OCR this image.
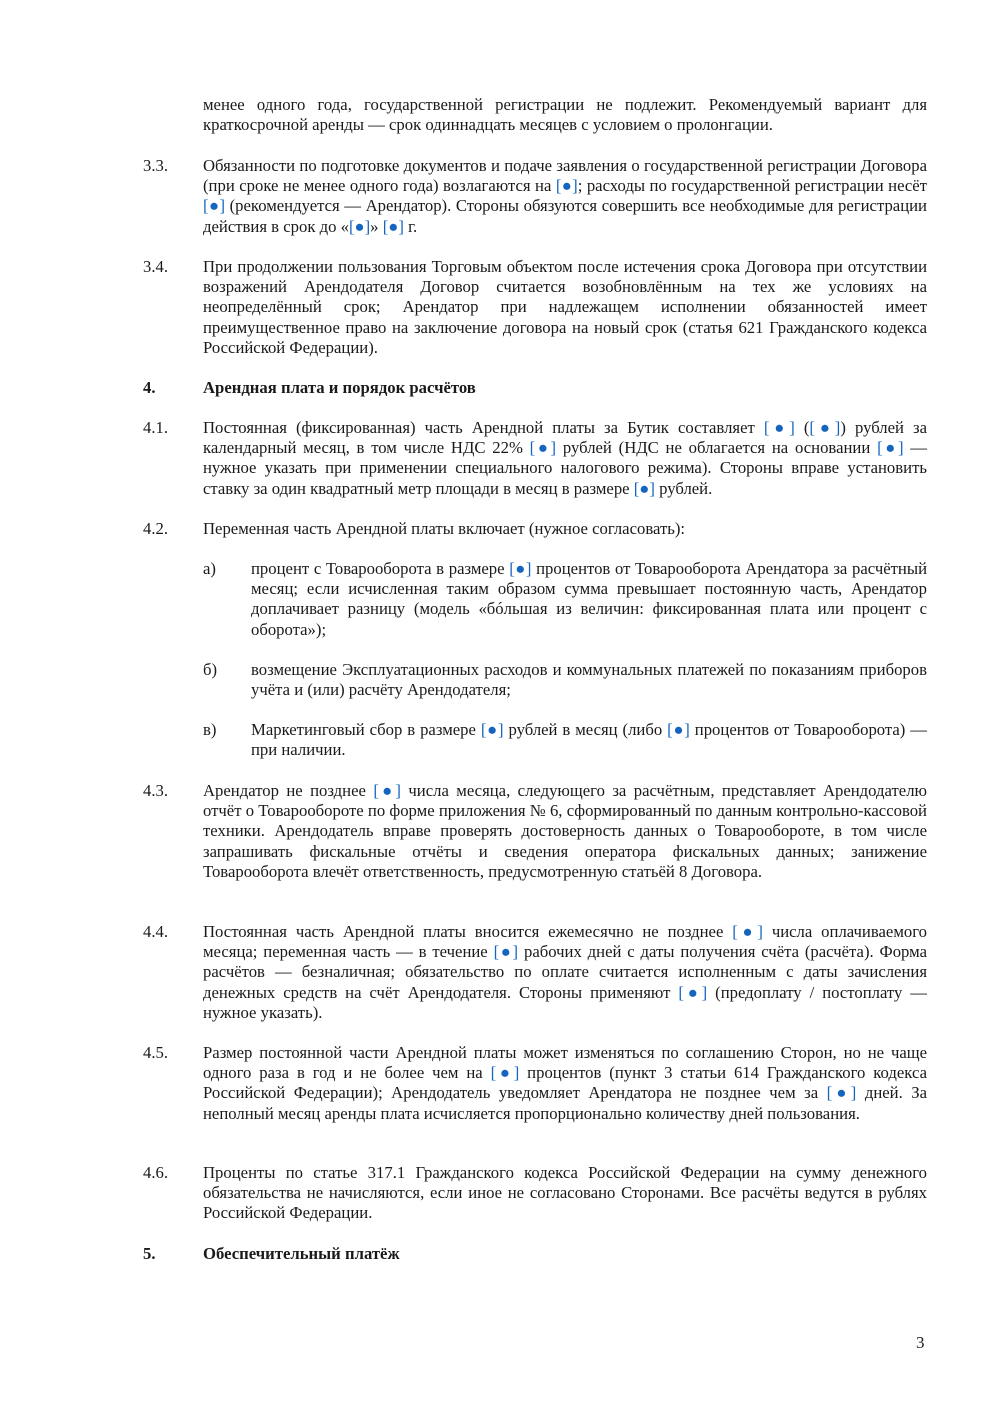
менее одного года, государственной регистрации не подлежит. Рекомендуемый вариант для краткосрочной аренды — срок одиннадцать месяцев с условием о пролонгации.
3.3. Обязанности по подготовке документов и подаче заявления о государственной регистрации Договора (при сроке не менее одного года) возлагаются на [●]; расходы по государственной регистрации несёт [●] (рекомендуется — Арендатор). Стороны обязуются совершить все необходимые для регистрации действия в срок до «[●]» [●] г.
3.4. При продолжении пользования Торговым объектом после истечения срока Договора при отсутствии возражений Арендодателя Договор считается возобновлённым на тех же условиях на неопределённый срок; Арендатор при надлежащем исполнении обязанностей имеет преимущественное право на заключение договора на новый срок (статья 621 Гражданского кодекса Российской Федерации).
4.	Арендная плата и порядок расчётов
4.1. Постоянная (фиксированная) часть Арендной платы за Бутик составляет [●] ([●]) рублей за календарный месяц, в том числе НДС 22% [●] рублей (НДС не облагается на основании [●] — нужное указать при применении специального налогового режима). Стороны вправе установить ставку за один квадратный метр площади в месяц в размере [●] рублей.
4.2. Переменная часть Арендной платы включает (нужное согласовать):
а) процент с Товарооборота в размере [●] процентов от Товарооборота Арендатора за расчётный месяц; если исчисленная таким образом сумма превышает постоянную часть, Арендатор доплачивает разницу (модель «бóльшая из величин: фиксированная плата или процент с оборота»);
б) возмещение Эксплуатационных расходов и коммунальных платежей по показаниям приборов учёта и (или) расчёту Арендодателя;
в) Маркетинговый сбор в размере [●] рублей в месяц (либо [●] процентов от Товарооборота) — при наличии.
4.3. Арендатор не позднее [●] числа месяца, следующего за расчётным, представляет Арендодателю отчёт о Товарообороте по форме приложения № 6, сформированный по данным контрольно-кассовой техники. Арендодатель вправе проверять достоверность данных о Товарообороте, в том числе запрашивать фискальные отчёты и сведения оператора фискальных данных; занижение Товарооборота влечёт ответственность, предусмотренную статьёй 8 Договора.
4.4. Постоянная часть Арендной платы вносится ежемесячно не позднее [●] числа оплачиваемого месяца; переменная часть — в течение [●] рабочих дней с даты получения счёта (расчёта). Форма расчётов — безналичная; обязательство по оплате считается исполненным с даты зачисления денежных средств на счёт Арендодателя. Стороны применяют [●] (предоплату / постоплату — нужное указать).
4.5. Размер постоянной части Арендной платы может изменяться по соглашению Сторон, но не чаще одного раза в год и не более чем на [●] процентов (пункт 3 статьи 614 Гражданского кодекса Российской Федерации); Арендодатель уведомляет Арендатора не позднее чем за [●] дней. За неполный месяц аренды плата исчисляется пропорционально количеству дней пользования.
4.6. Проценты по статье 317.1 Гражданского кодекса Российской Федерации на сумму денежного обязательства не начисляются, если иное не согласовано Сторонами. Все расчёты ведутся в рублях Российской Федерации.
5.	Обеспечительный платёж
3
